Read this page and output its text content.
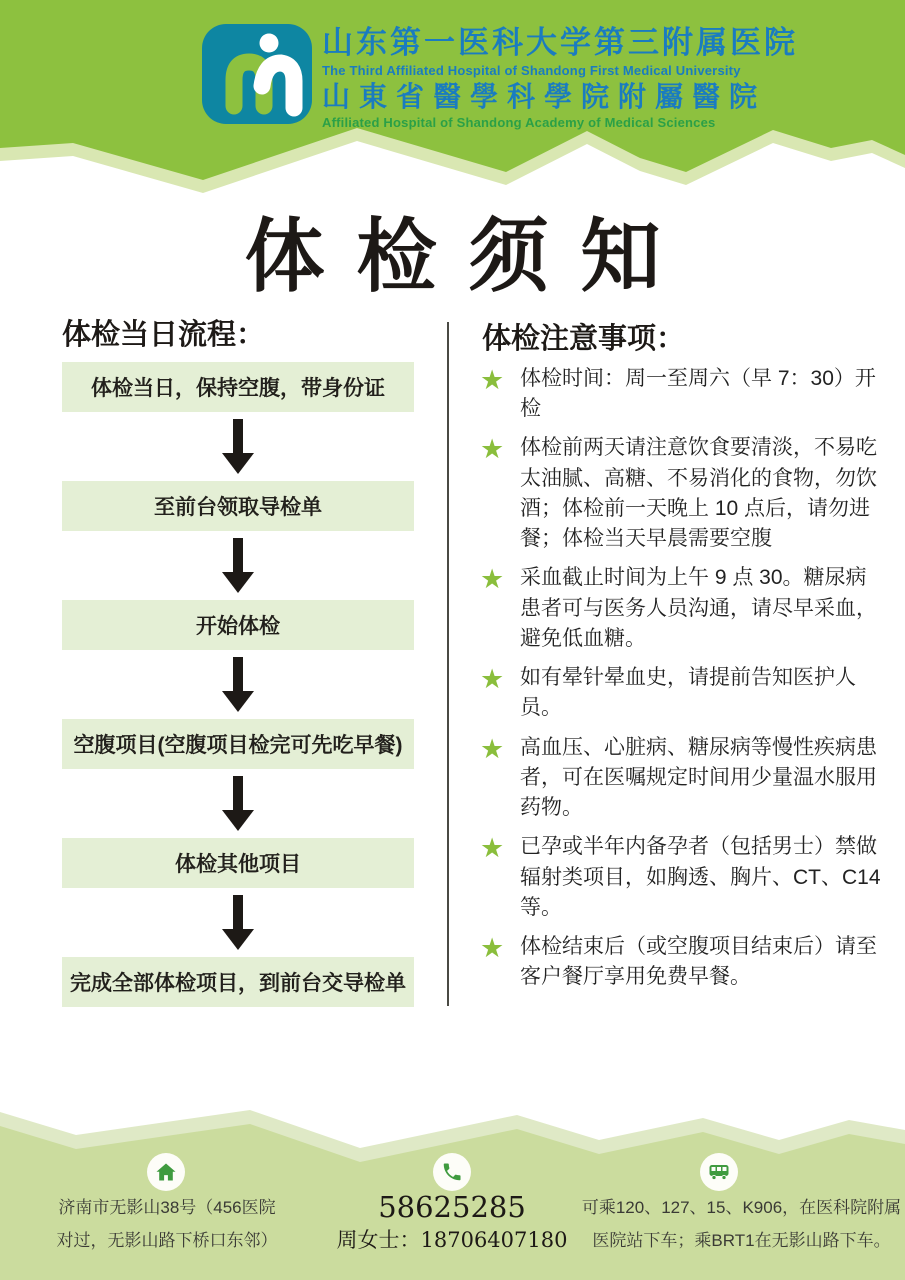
山东第一医科大学第三附属医院
The Third Affiliated Hospital of Shandong First Medical University
山東省醫學科學院附屬醫院
Affiliated Hospital of Shandong Academy of Medical Sciences
体检须知
体检当日流程：
体检当日，保持空腹，带身份证
至前台领取导检单
开始体检
空腹项目(空腹项目检完可先吃早餐)
体检其他项目
完成全部体检项目，到前台交导检单
体检注意事项：
★ 体检时间：周一至周六（早 7：30）开检
★ 体检前两天请注意饮食要清淡，不易吃太油腻、高糖、不易消化的食物，勿饮酒；体检前一天晚上 10 点后，请勿进餐；体检当天早晨需要空腹
★ 采血截止时间为上午 9 点 30。糖尿病患者可与医务人员沟通，请尽早采血，避免低血糖。
★ 如有晕针晕血史，请提前告知医护人员。
★ 高血压、心脏病、糖尿病等慢性疾病患者，可在医嘱规定时间用少量温水服用药物。
★ 已孕或半年内备孕者（包括男士）禁做辐射类项目，如胸透、胸片、CT、C14等。
★ 体检结束后（或空腹项目结束后）请至客户餐厅享用免费早餐。
济南市无影山38号（456医院
对过，无影山路下桥口东邻）
58625285
周女士：18706407180
可乘120、127、15、K906，在医科院附属
医院站下车；乘BRT1在无影山路下车。
